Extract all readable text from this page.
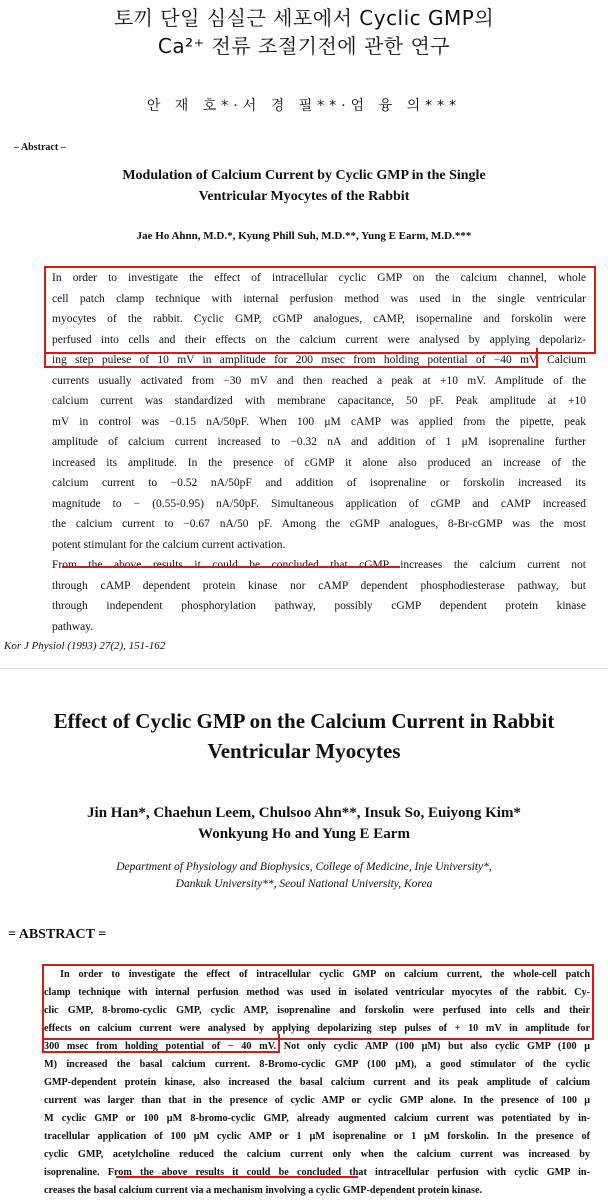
토끼 단일 심실근 세포에서 Cyclic GMP의
Ca²⁺ 전류 조절기전에 관한 연구
안 재 호*·서 경 필**·엄 융 의***
– Abstract –
Modulation of Calcium Current by Cyclic GMP in the Single
Ventricular Myocytes of the Rabbit
Jae Ho Ahnn, M.D.*, Kyung Phill Suh, M.D.**, Yung E Earm, M.D.***
In order to investigate the effect of intracellular cyclic GMP on the calcium channel, whole
cell patch clamp technique with internal perfusion method was used in the single ventricular
myocytes of the rabbit. Cyclic GMP, cGMP analogues, cAMP, isopernaline and forskolin were
perfused into cells and their effects on the calcium current were analysed by applying depolariz-
ing step pulese of 10 mV in amplitude for 200 msec from holding potential of −40 mV. Calcium
currents usually activated from −30 mV and then reached a peak at +10 mV. Amplitude of the
calcium current was standardized with membrane capacitance, 50 pF. Peak amplitude at +10
mV in control was −0.15 nA/50pF. When 100 μM cAMP was applied from the pipette, peak
amplitude of calcium current increased to −0.32 nA and addition of 1 μM isoprenaline further
increased its amplitude. In the presence of cGMP it alone also produced an increase of the
calcium current to −0.52 nA/50pF and addition of isoprenaline or forskolin increased its
magnitude to − (0.55-0.95) nA/50pF. Simultaneous application of cGMP and cAMP increased
the calcium current to −0.67 nA/50 pF. Among the cGMP analogues, 8-Br-cGMP was the most
potent stimulant for the calcium current activation.
From the above results it could be concluded that cGMP increases the calcium current not
through cAMP dependent protein kinase nor cAMP dependent phosphodiesterase pathway, but
through independent phosphorylation pathway, possibly cGMP dependent protein kinase
pathway.
Kor J Physiol (1993) 27(2), 151-162
Effect of Cyclic GMP on the Calcium Current in Rabbit
Ventricular Myocytes
Jin Han*, Chaehun Leem, Chulsoo Ahn**, Insuk So, Euiyong Kim*
Wonkyung Ho and Yung E Earm
Department of Physiology and Biophysics, College of Medicine, Inje University*,
Dankuk University**, Seoul National University, Korea
= ABSTRACT =
In order to investigate the effect of intracellular cyclic GMP on calcium current, the whole-cell patch
clamp technique with internal perfusion method was used in isolated ventricular myocytes of the rabbit. Cy-
clic GMP, 8-bromo-cyclic GMP, cyclic AMP, isoprenaline and forskolin were perfused into cells and their
effects on calcium current were analysed by applying depolarizing step pulses of + 10 mV in amplitude for
300 msec from holding potential of − 40 mV. Not only cyclic AMP (100 μM) but also cyclic GMP (100 μ
M) increased the basal calcium current. 8-Bromo-cyclic GMP (100 μM), a good stimulator of the cyclic
GMP-dependent protein kinase, also increased the basal calcium current and its peak amplitude of calcium
current was larger than that in the presence of cyclic AMP or cyclic GMP alone. In the presence of 100 μ
M cyclic GMP or 100 μM 8-bromo-cyclic GMP, already augmented calcium current was potentiated by in-
tracellular application of 100 μM cyclic AMP or 1 μM isoprenaline or 1 μM forskolin. In the presence of
cyclic GMP, acetylcholine reduced the calcium current only when the calcium current was increased by
isoprenaline. From the above results it could be concluded that intracellular perfusion with cyclic GMP in-
creases the basal calcium current via a mechanism involving a cyclic GMP-dependent protein kinase.
